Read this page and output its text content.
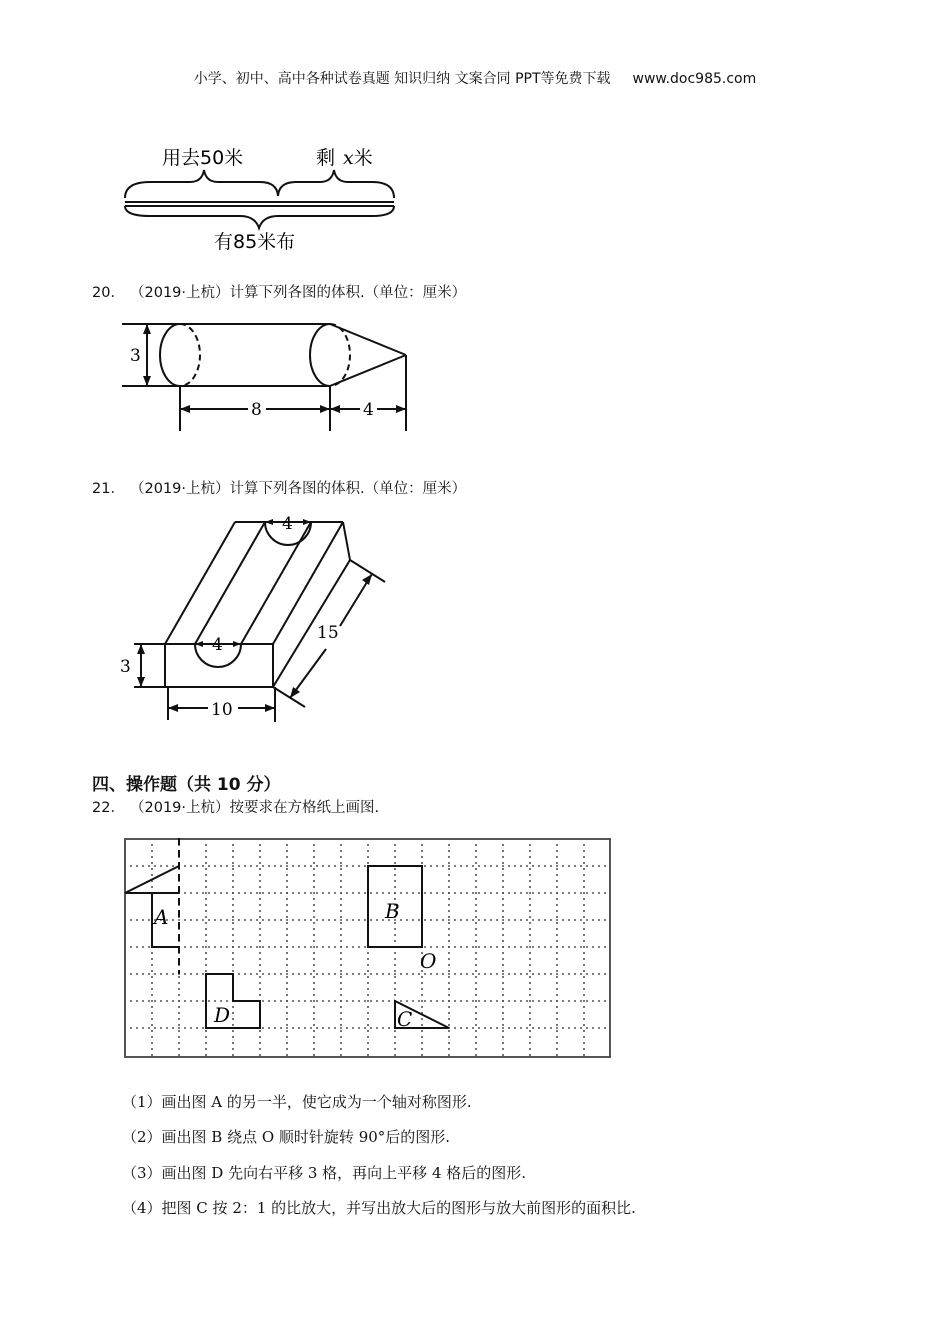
小学、初中、高中各种试卷真题 知识归纳 文案合同 PPT等免费下载 www.doc985.com
用去50米	剩 x米
有85米布
20． （2019·上杭）计算下列各图的体积.（单位：厘米）
3
8	4
21． （2019·上杭）计算下列各图的体积.（单位：厘米）
4
4
15
3
10
四、操作题（共 10 分）
22． （2019·上杭）按要求在方格纸上画图.
A	B
O
D	C
（1）画出图 A 的另一半，使它成为一个轴对称图形.
（2）画出图 B 绕点 O 顺时针旋转 90°后的图形.
（3）画出图 D 先向右平移 3 格，再向上平移 4 格后的图形.
（4）把图 C 按 2：1 的比放大，并写出放大后的图形与放大前图形的面积比.
